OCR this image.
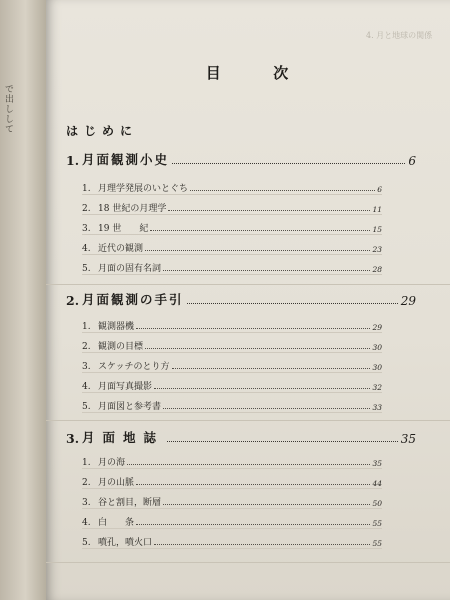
で出しして
4. 月と地球の関係
目	次
はじめに
1. 月面観測小史	6
1. 月理学発展のいとぐち	6
2. 18 世紀の月理学	11
3. 19 世　　紀	15
4. 近代の観測	23
5. 月面の固有名詞	28
2. 月面観測の手引	29
1. 観測器機	29
2. 観測の目標	30
3. スケッチのとり方	30
4. 月面写真撮影	32
5. 月面図と参考書	33
3. 月面地誌	35
1. 月の海	35
2. 月の山脈	44
3. 谷と割目，断層	50
4. 白　　条	55
5. 噴孔，噴火口	55
